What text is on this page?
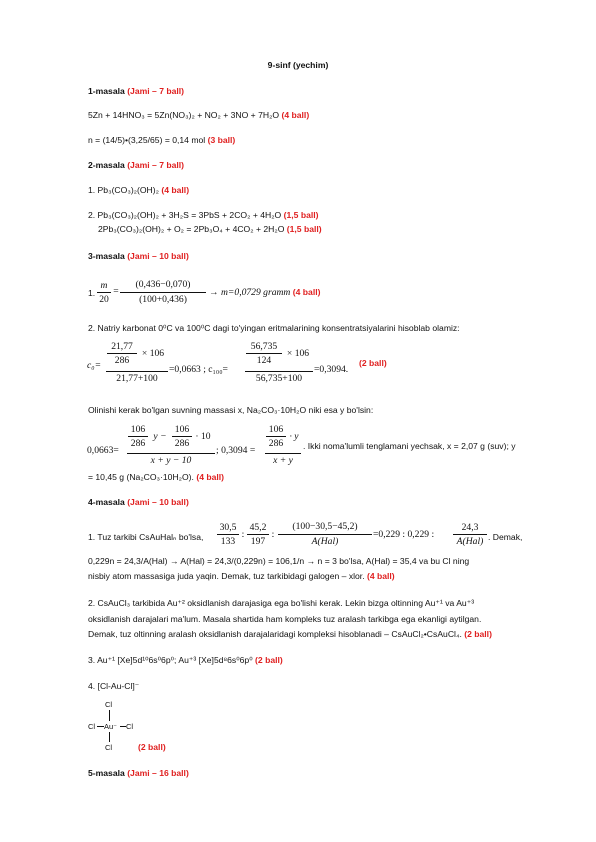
9-sinf (yechim)
1-masala (Jami – 7 ball)
5Zn + 14HNO₃ = 5Zn(NO₃)₂ + NO₂ + 3NO + 7H₂O (4 ball)
n = (14/5)•(3,25/65) = 0,14 mol (3 ball)
2-masala (Jami – 7 ball)
1. Pb₃(CO₃)₂(OH)₂ (4 ball)
2. Pb₃(CO₃)₂(OH)₂ + 3H₂S = 3PbS + 2CO₂ + 4H₂O (1,5 ball)
2Pb₃(CO₃)₂(OH)₂ + O₂ = 2Pb₃O₄ + 4CO₂ + 2H₂O (1,5 ball)
3-masala (Jami – 10 ball)
1.
m
20
=
(0,436−0,070)
(100+0,436)
→ m=0,0729 gramm (4 ball)
2. Natriy karbonat 0⁰C va 100⁰C dagi to'yingan eritmalarining konsentratsiyalarini hisoblab olamiz:
c₀=
21,77
286
× 106
21,77+100
=0,0663 ; c₁₀₀=
56,735
124
× 106
56,735+100
=0,3094.
(2 ball)
Olinishi kerak bo'lgan suvning massasi x, Na₂CO₃·10H₂O niki esa y bo'lsin:
0,0663=
106
286
y −
106
286
· 10
x + y − 10
; 0,3094 =
106
286
· y
x + y
. Ikki noma'lumli tenglamani yechsak, x = 2,07 g (suv); y
= 10,45 g (Na₂CO₃·10H₂O). (4 ball)
4-masala (Jami – 10 ball)
1. Tuz tarkibi CsAuHalₙ bo'lsa,
30,5
133
:
45,2
197
:
(100−30,5−45,2)
A(Hal)
=0,229 : 0,229 :
24,3
A(Hal) . Demak,
0,229n = 24,3/A(Hal) → A(Hal) = 24,3/(0,229n) = 106,1/n → n = 3 bo'lsa, A(Hal) = 35,4 va bu Cl ning
nisbiy atom massasiga juda yaqin. Demak, tuz tarkibidagi galogen – xlor. (4 ball)
2. CsAuCl₃ tarkibida Au⁺² oksidlanish darajasiga ega bo'lishi kerak. Lekin bizga oltinning Au⁺¹ va Au⁺³
oksidlanish darajalari ma'lum. Masala shartida ham kompleks tuz aralash tarkibga ega ekanligi aytilgan.
Demak, tuz oltinning aralash oksidlanish darajalaridagi kompleksi hisoblanadi – CsAuCl₂•CsAuCl₄. (2 ball)
3. Au⁺¹ [Xe]5d¹⁰6s⁰6p⁰; Au⁺³ [Xe]5d⁸6s⁰6p⁰ (2 ball)
4. [Cl-Au-Cl]⁻
Cl
Cl Au⁻ Cl
Cl	(2 ball)
5-masala (Jami – 16 ball)
